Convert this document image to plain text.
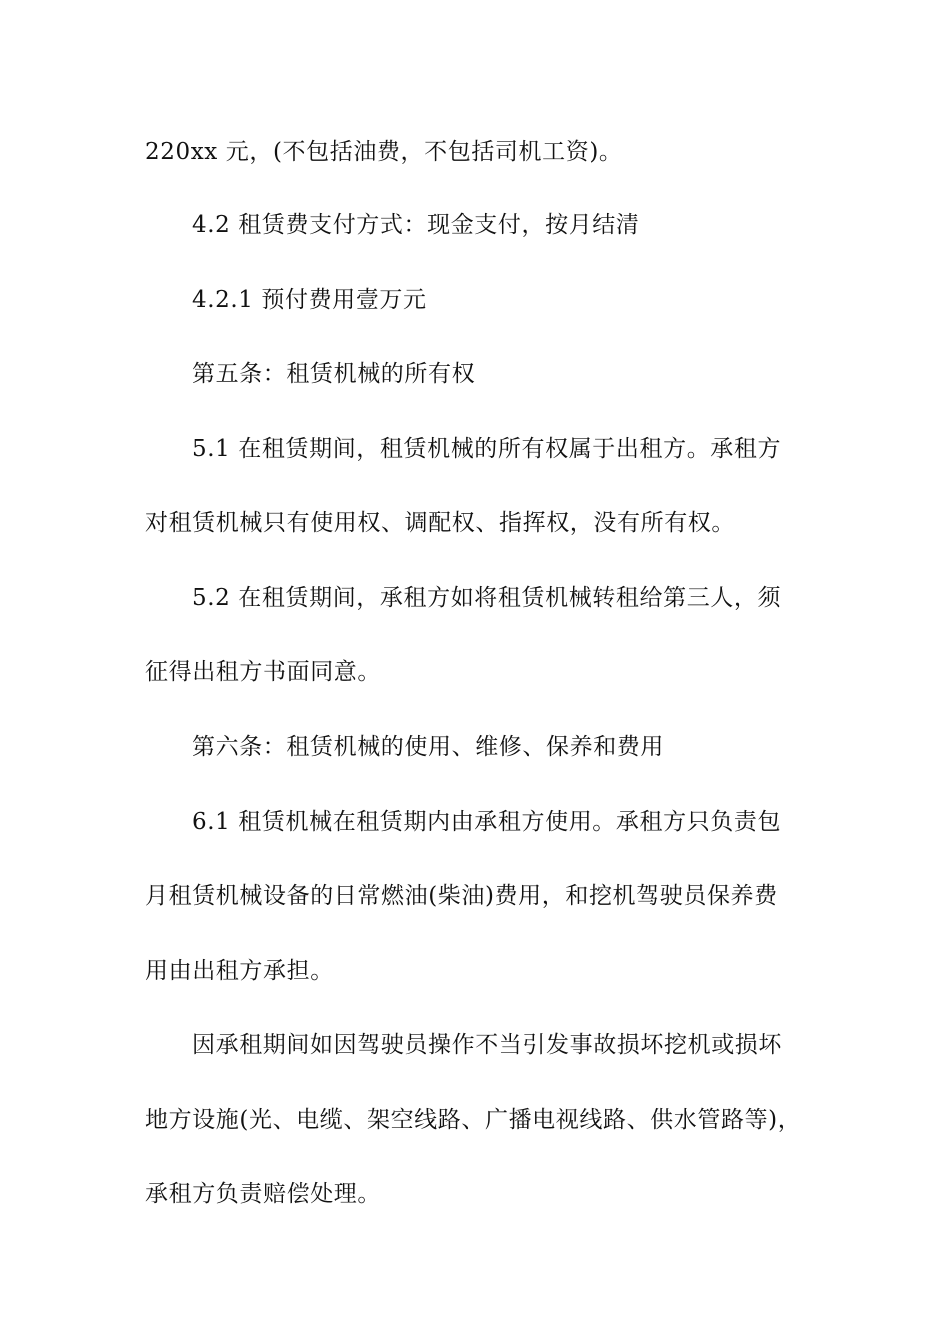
220xx 元，(不包括油费，不包括司机工资)。
4.2 租赁费支付方式：现金支付，按月结清
4.2.1 预付费用壹万元
第五条：租赁机械的所有权
5.1 在租赁期间，租赁机械的所有权属于出租方。承租方
对租赁机械只有使用权、调配权、指挥权，没有所有权。
5.2 在租赁期间，承租方如将租赁机械转租给第三人，须
征得出租方书面同意。
第六条：租赁机械的使用、维修、保养和费用
6.1 租赁机械在租赁期内由承租方使用。承租方只负责包
月租赁机械设备的日常燃油(柴油)费用，和挖机驾驶员保养费
用由出租方承担。
因承租期间如因驾驶员操作不当引发事故损坏挖机或损坏
地方设施(光、电缆、架空线路、广播电视线路、供水管路等)，
承租方负责赔偿处理。
